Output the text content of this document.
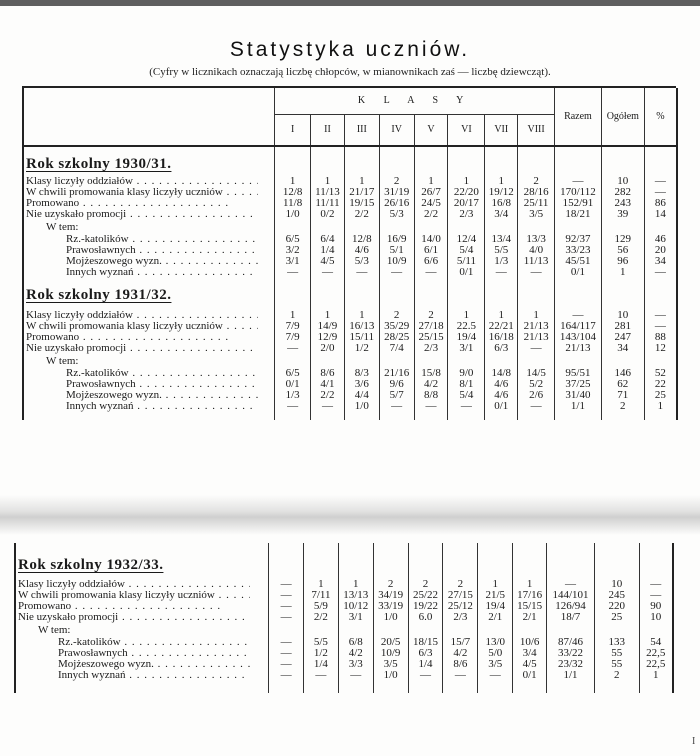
Statystyka uczniów.
(Cyfry w licznikach oznaczają liczbę chłopców, w mianownikach zaś — liczbę dziewcząt).
	K L A S Y								Razem	Ogółem	%
	I	II	III	IV	V	VI	VII	VIII			

Rok szkolny 1930/31.											

Klasy liczyły oddziałów . . .	1	1	1	2	1	1	1	2	—	10	—

W chwili promowania klasy liczyły uczniów . . .	12/8	11/13	21/17	31/19	26/7	22/20	19/12	28/16	170/112	282	—

Promowano . . .	11/8	11/11	19/15	26/16	24/5	20/17	16/8	25/11	152/91	243	86

Nie uzyskało promocji . . .	1/0	0/2	2/2	5/3	2/2	2/3	3/4	3/5	18/21	39	14
W tem:											

Rz.-katolików . . .	6/5	6/4	12/8	16/9	14/0	12/4	13/4	13/3	92/37	129	46

Prawosławnych . . .	3/2	1/4	4/6	5/1	6/1	5/4	5/5	4/0	33/23	56	20

Mojżeszowego wyzn. . . .	3/1	4/5	5/3	10/9	6/6	5/11	1/3	11/13	45/51	96	34

Innych wyznań . . .	—	—	—	—	—	0/1	—	—	0/1	1	—

Rok szkolny 1931/32.											

Klasy liczyły oddziałów . . .	1	1	1	2	2	1	1	1	—	10	—

W chwili promowania klasy liczyły uczniów . . .	7/9	14/9	16/13	35/29	27/18	22.5	22/21	21/13	164/117	281	—

Promowano . . .	7/9	12/9	15/11	28/25	25/15	19/4	16/18	21/13	143/104	247	88

Nie uzyskało promocji . . .	—	2/0	1/2	7/4	2/3	3/1	6/3	—	21/13	34	12
W tem:											

Rz.-katolików . . .	6/5	8/6	8/3	21/16	15/8	9/0	14/8	14/5	95/51	146	52

Prawosławnych . . .	0/1	4/1	3/6	9/6	4/2	8/1	4/6	5/2	37/25	62	22

Mojżeszowego wyzn. . . .	1/3	2/2	4/4	5/7	8/8	5/4	4/6	2/6	31/40	71	25

Innych wyznań . . .	—	—	1/0	—	—	—	0/1	—	1/1	2	1

Rok szkolny 1932/33.											

Klasy liczyły oddziałów . . .	—	1	1	2	2	2	1	1	—	10	—

W chwili promowania klasy liczyły uczniów . . .	—	7/11	13/13	34/19	25/22	27/15	21/5	17/16	144/101	245	—

Promowano . . .	—	5/9	10/12	33/19	19/22	25/12	19/4	15/15	126/94	220	90

Nie uzyskało promocji . . .	—	2/2	3/1	1/0	6.0	2/3	2/1	2/1	18/7	25	10
W tem:											

Rz.-katolików . . .	—	5/5	6/8	20/5	18/15	15/7	13/0	10/6	87/46	133	54

Prawosławnych . . .	—	1/2	4/2	10/9	6/3	4/2	5/0	3/4	33/22	55	22,5

Mojżeszowego wyzn. . . .	—	1/4	3/3	3/5	1/4	8/6	3/5	4/5	23/32	55	22,5

Innych wyznań . . .	—	—	—	1/0	—	—	—	0/1	1/1	2	1

I
